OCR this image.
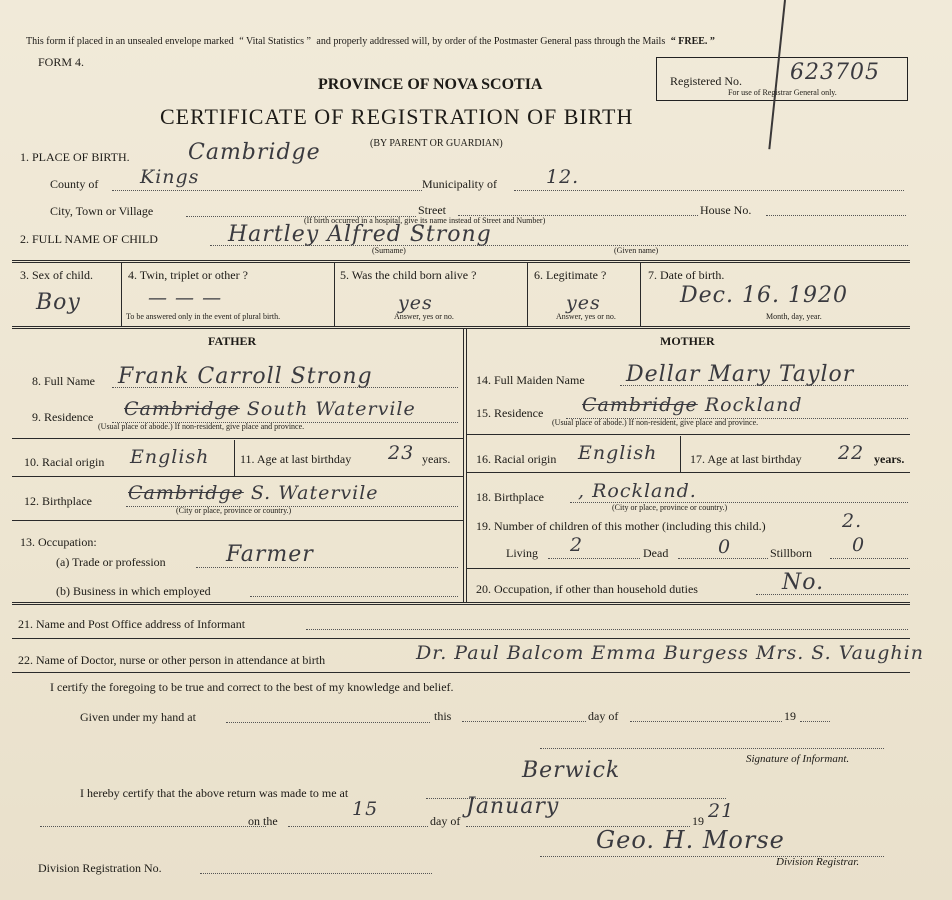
This form if placed in an unsealed envelope marked “ Vital Statistics ” and properly addressed will, by order of the Postmaster General pass through the Mails “ FREE. ”
FORM 4.
PROVINCE OF NOVA SCOTIA
CERTIFICATE OF REGISTRATION OF BIRTH
(BY PARENT OR GUARDIAN)
Registered No. 623705
For use of Registrar General only.
1. PLACE OF BIRTH.	Cambridge
County of Kings	Municipality of	12.
City, Town or Village	Street	House No.
(If birth occurred in a hospital, give its name instead of Street and Number)
2. FULL NAME OF CHILD	Hartley Alfred Strong
(Surname)	(Given name)
3. Sex of child.
Boy
4. Twin, triplet or other ?
— — —
To be answered only in the event of plural birth.
5. Was the child born alive ?
yes
Answer, yes or no.
6. Legitimate ?
yes
Answer, yes or no.
7. Date of birth.
Dec. 16. 1920
Month, day, year.
FATHER	MOTHER
8. Full Name Frank Carroll Strong
9. Residence Cambridge South Watervile
(Usual place of abode.) If non-resident, give place and province.
10. Racial origin English	11. Age at last birthday 23 years.
12. Birthplace Cambridge S. Watervile
(City or place, province or country.)
13. Occupation:
(a) Trade or profession	Farmer
(b) Business in which employed
14. Full Maiden Name Dellar Mary Taylor
15. Residence Cambridge Rockland
(Usual place of abode.) If non-resident, give place and province.
16. Racial origin English	17. Age at last birthday 22 years.
18. Birthplace , Rockland.
(City or place, province or country.)
19. Number of children of this mother (including this child.)	2.
Living 2	Dead	0	Stillborn 0
20. Occupation, if other than household duties	No.
21. Name and Post Office address of Informant
22. Name of Doctor, nurse or other person in attendance at birth	Dr. Paul Balcom Emma Burgess Mrs. S. Vaughin
I certify the foregoing to be true and correct to the best of my knowledge and belief.
Given under my hand at	this	day of	19
Signature of Informant.
I hereby certify that the above return was made to me at
Berwick
on the
15
day of
January
19 21
Geo. H. Morse
Division Registrar.
Division Registration No.
